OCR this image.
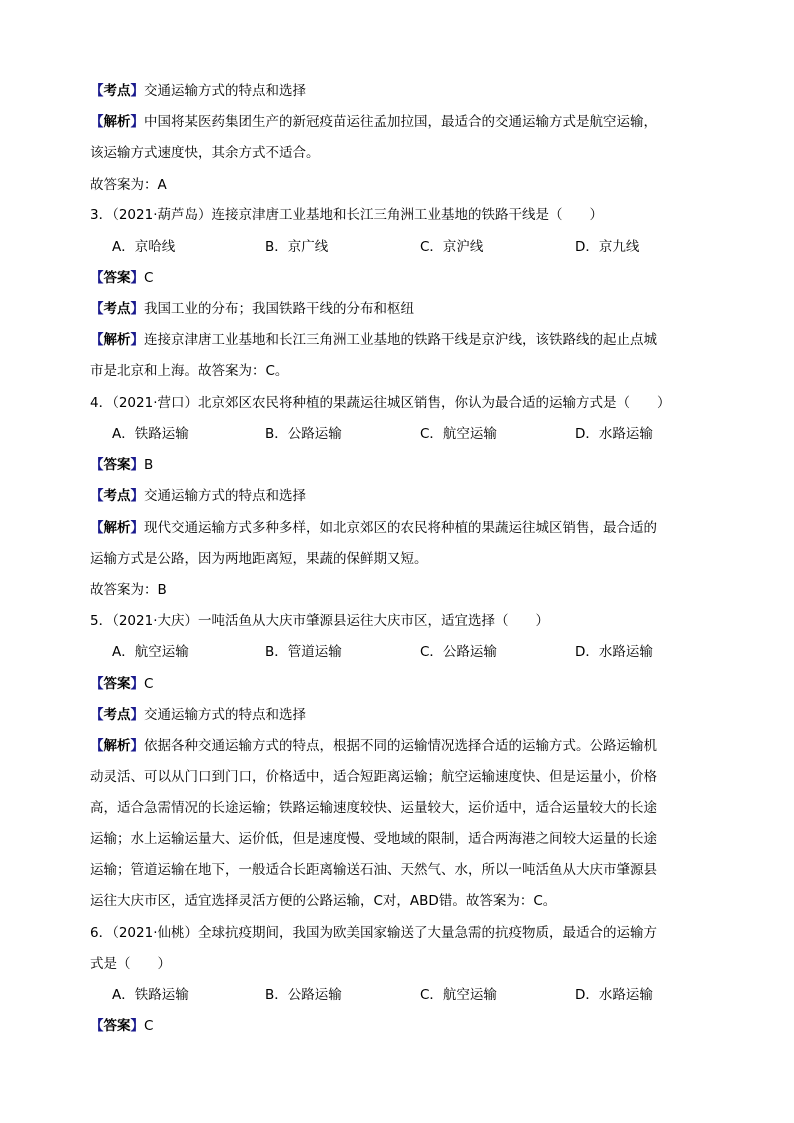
【考点】交通运输方式的特点和选择
【解析】中国将某医药集团生产的新冠疫苗运往孟加拉国，最适合的交通运输方式是航空运输，
该运输方式速度快，其余方式不适合。
故答案为：A
3．（2021·葫芦岛）连接京津唐工业基地和长江三角洲工业基地的铁路干线是（　　）
A．京哈线	B．京广线	C．京沪线	D．京九线
【答案】C
【考点】我国工业的分布；我国铁路干线的分布和枢纽
【解析】连接京津唐工业基地和长江三角洲工业基地的铁路干线是京沪线，该铁路线的起止点城
市是北京和上海。故答案为：C。
4．（2021·营口）北京郊区农民将种植的果蔬运往城区销售，你认为最合适的运输方式是（　　）
A．铁路运输	B．公路运输	C．航空运输	D．水路运输
【答案】B
【考点】交通运输方式的特点和选择
【解析】现代交通运输方式多种多样，如北京郊区的农民将种植的果蔬运往城区销售，最合适的
运输方式是公路，因为两地距离短，果蔬的保鲜期又短。
故答案为：B
5．（2021·大庆）一吨活鱼从大庆市肇源县运往大庆市区，适宜选择（　　）
A．航空运输	B．管道运输	C．公路运输	D．水路运输
【答案】C
【考点】交通运输方式的特点和选择
【解析】依据各种交通运输方式的特点，根据不同的运输情况选择合适的运输方式。公路运输机
动灵活、可以从门口到门口，价格适中，适合短距离运输；航空运输速度快、但是运量小，价格
高，适合急需情况的长途运输；铁路运输速度较快、运量较大，运价适中，适合运量较大的长途
运输；水上运输运量大、运价低，但是速度慢、受地域的限制，适合两海港之间较大运量的长途
运输；管道运输在地下，一般适合长距离输送石油、天然气、水，所以一吨活鱼从大庆市肇源县
运往大庆市区，适宜选择灵活方便的公路运输，C对，ABD错。故答案为：C。
6．（2021·仙桃）全球抗疫期间，我国为欧美国家输送了大量急需的抗疫物质，最适合的运输方
式是（　　）
A．铁路运输	B．公路运输	C．航空运输	D．水路运输
【答案】C
